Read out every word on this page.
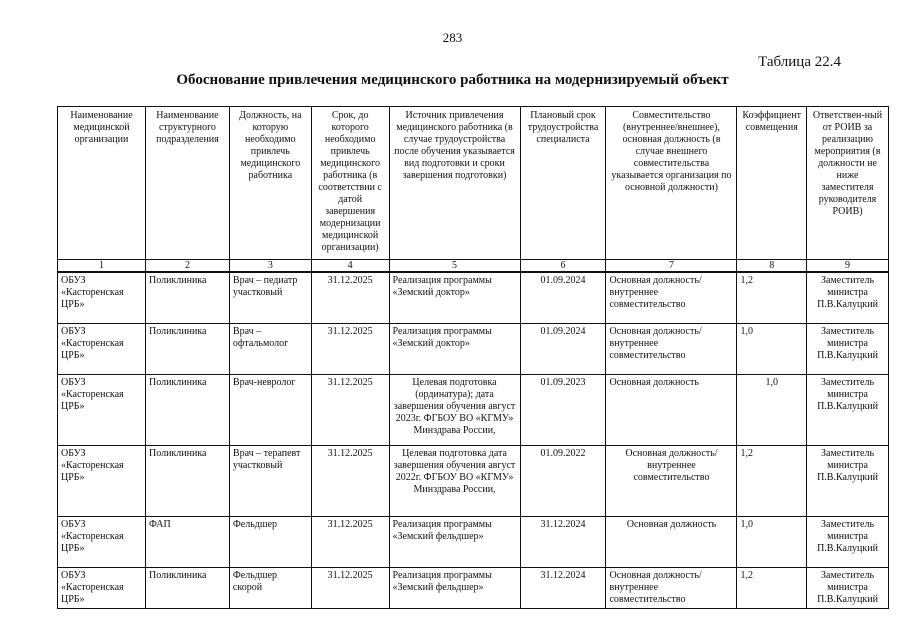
283
Таблица 22.4
Обоснование привлечения медицинского работника на модернизируемый объект
Наименование медицинской организации	Наименование структурного подразделения	Должность, на которую необходимо привлечь медицинского работника	Срок, до которого необходимо привлечь медицинского работника (в соответствии с датой завершения модернизации медицинской организации)	Источник привлечения медицинского работника (в случае трудоустройства после обучения указывается вид подготовки и сроки завершения подготовки)	Плановый срок трудоустройства специалиста	Совместительство (внутреннее/внешнее), основная должность (в случае внешнего совместительства указывается организация по основной должности)	Коэффициент совмещения	Ответствен-ный от РОИВ за реализацию мероприятия (в должности не ниже заместителя руководителя РОИВ)
1	2	3	4	5	6	7	8	9
ОБУЗ «Касторенская ЦРБ»	Поликлиника	Врач – педиатр участковый	31.12.2025	Реализация программы «Земский доктор»	01.09.2024	Основная должность/внутреннее совместительство	1,2	Заместитель министра П.В.Калуцкий
ОБУЗ «Касторенская ЦРБ»	Поликлиника	Врач – офтальмолог	31.12.2025	Реализация программы «Земский доктор»	01.09.2024	Основная должность/внутреннее совместительство	1,0	Заместитель министра П.В.Калуцкий
ОБУЗ «Касторенская ЦРБ»	Поликлиника	Врач-невролог	31.12.2025	Целевая подготовка (ординатура); дата завершения обучения август 2023г. ФГБОУ ВО «КГМУ» Минздрава России,	01.09.2023	Основная должность	1,0	Заместитель министра П.В.Калуцкий
ОБУЗ «Касторенская ЦРБ»	Поликлиника	Врач – терапевт участковый	31.12.2025	Целевая подготовка дата завершения обучения август 2022г. ФГБОУ ВО «КГМУ» Минздрава России,	01.09.2022	Основная должность/внутреннее совместительство	1,2	Заместитель министра П.В.Калуцкий
ОБУЗ «Касторенская ЦРБ»	ФАП	Фельдшер	31.12.2025	Реализация программы «Земский фельдшер»	31.12.2024	Основная должность	1,0	Заместитель министра П.В.Калуцкий
ОБУЗ «Касторенская ЦРБ»	Поликлиника	Фельдшер скорой	31.12.2025	Реализация программы «Земский фельдшер»	31.12.2024	Основная должность/внутреннее совместительство	1,2	Заместитель министра П.В.Калуцкий
